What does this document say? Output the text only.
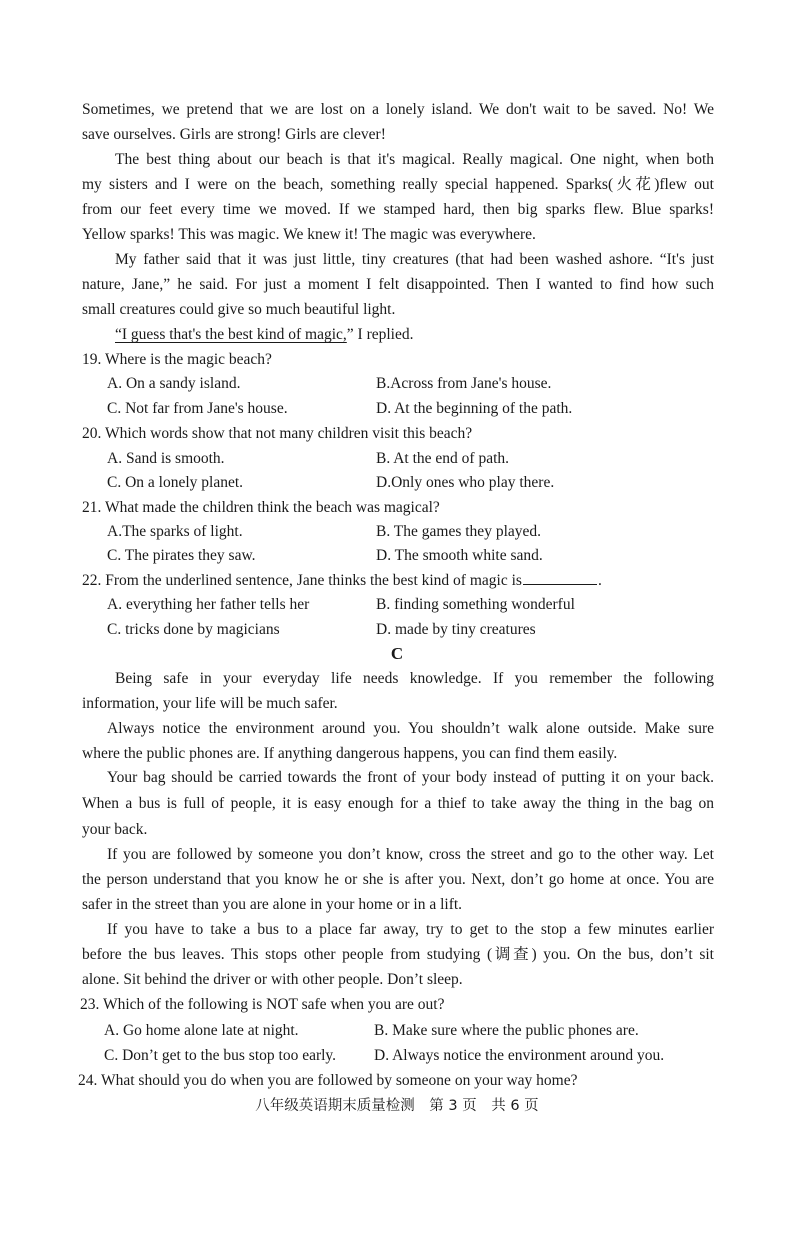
Sometimes, we pretend that we are lost on a lonely island. We don't wait to be saved. No! We
save ourselves. Girls are strong! Girls are clever!
The best thing about our beach is that it's magical. Really magical. One night, when both
my sisters and I were on the beach, something really special happened. Sparks(火花)flew out
from our feet every time we moved. If we stamped hard, then big sparks flew. Blue sparks!
Yellow sparks! This was magic. We knew it! The magic was everywhere.
My father said that it was just little, tiny creatures (that had been washed ashore. “It's just
nature, Jane,” he said. For just a moment I felt disappointed. Then I wanted to find how such
small creatures could give so much beautiful light.
“I guess that's the best kind of magic,” I replied.
19. Where is the magic beach?
A. On a sandy island.	B.Across from Jane's house.
C. Not far from Jane's house.	D. At the beginning of the path.
20. Which words show that not many children visit this beach?
A. Sand is smooth.	B. At the end of path.
C. On a lonely planet.	D.Only ones who play there.
21. What made the children think the beach was magical?
A.The sparks of light.	B. The games they played.
C. The pirates they saw.	D. The smooth white sand.
22. From the underlined sentence, Jane thinks the best kind of magic is	.
A. everything her father tells her	B. finding something wonderful
C. tricks done by magicians	D. made by tiny creatures
C
Being safe in your everyday life needs knowledge. If you remember the following
information, your life will be much safer.
Always notice the environment around you. You shouldn’t walk alone outside. Make sure
where the public phones are. If anything dangerous happens, you can find them easily.
Your bag should be carried towards the front of your body instead of putting it on your back.
When a bus is full of people, it is easy enough for a thief to take away the thing in the bag on
your back.
If you are followed by someone you don’t know, cross the street and go to the other way. Let
the person understand that you know he or she is after you. Next, don’t go home at once. You are
safer in the street than you are alone in your home or in a lift.
If you have to take a bus to a place far away, try to get to the stop a few minutes earlier
before the bus leaves. This stops other people from studying (调查) you. On the bus, don’t sit
alone. Sit behind the driver or with other people. Don’t sleep.
23. Which of the following is NOT safe when you are out?
A. Go home alone late at night.	B. Make sure where the public phones are.
C. Don’t get to the bus stop too early. D. Always notice the environment around you.
24. What should you do when you are followed by someone on your way home?
八年级英语期末质量检测　第 3 页　共 6 页
